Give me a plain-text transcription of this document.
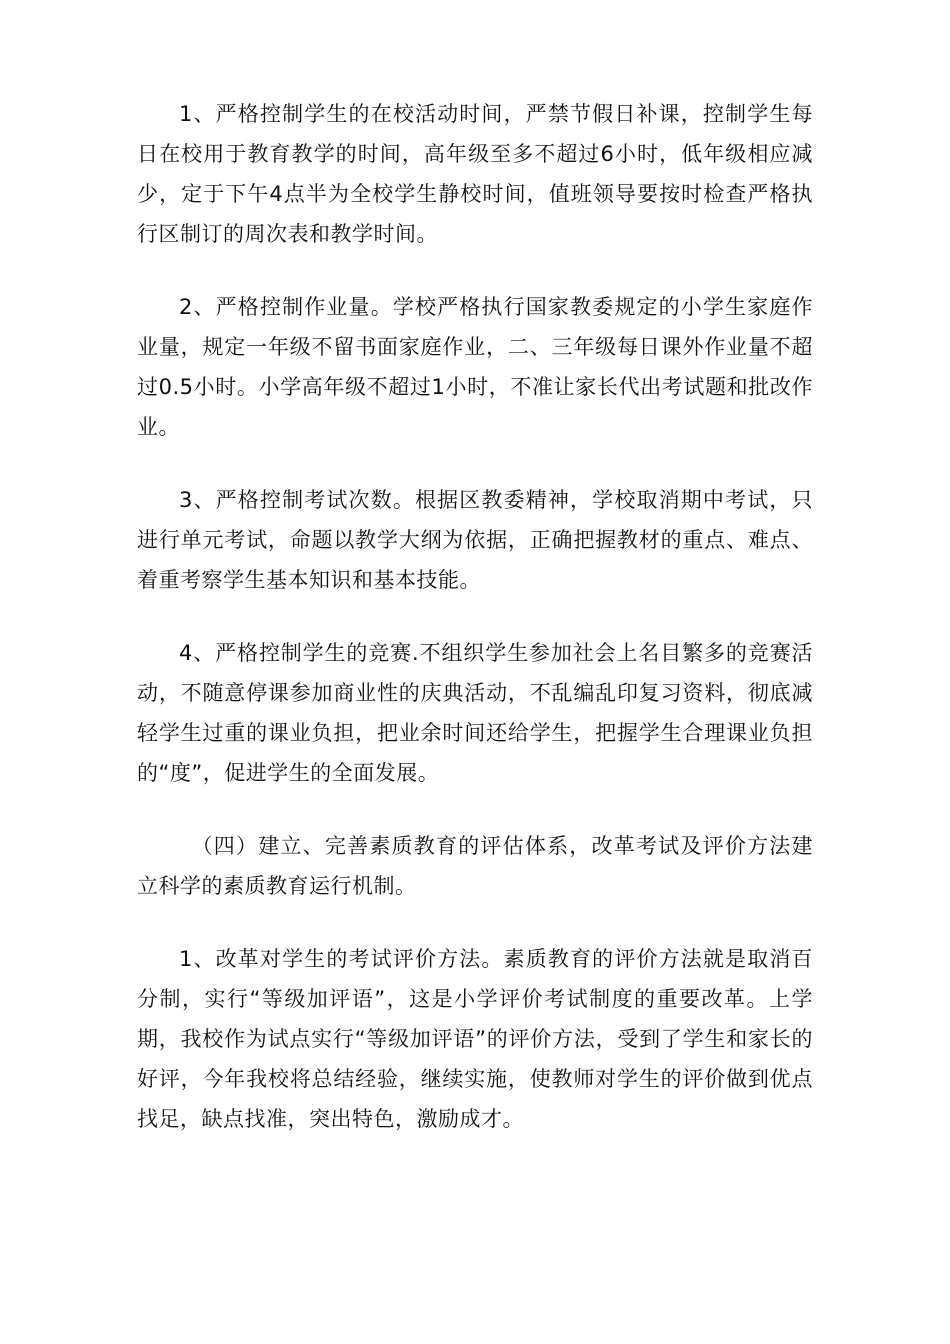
1、严格控制学生的在校活动时间，严禁节假日补课，控制学生每日在校用于教育教学的时间，高年级至多不超过6小时，低年级相应减少，定于下午4点半为全校学生静校时间，值班领导要按时检查严格执行区制订的周次表和教学时间。

2、严格控制作业量。学校严格执行国家教委规定的小学生家庭作业量，规定一年级不留书面家庭作业，二、三年级每日课外作业量不超过0.5小时。小学高年级不超过1小时，不准让家长代出考试题和批改作业。

3、严格控制考试次数。根据区教委精神，学校取消期中考试，只进行单元考试，命题以教学大纲为依据，正确把握教材的重点、难点、着重考察学生基本知识和基本技能。

4、严格控制学生的竞赛.不组织学生参加社会上名目繁多的竞赛活动，不随意停课参加商业性的庆典活动，不乱编乱印复习资料，彻底减轻学生过重的课业负担，把业余时间还给学生，把握学生合理课业负担的“度”，促进学生的全面发展。

（四）建立、完善素质教育的评估体系，改革考试及评价方法建立科学的素质教育运行机制。

1、改革对学生的考试评价方法。素质教育的评价方法就是取消百分制，实行“等级加评语”，这是小学评价考试制度的重要改革。上学期，我校作为试点实行“等级加评语”的评价方法，受到了学生和家长的好评，今年我校将总结经验，继续实施，使教师对学生的评价做到优点找足，缺点找准，突出特色，激励成才。
